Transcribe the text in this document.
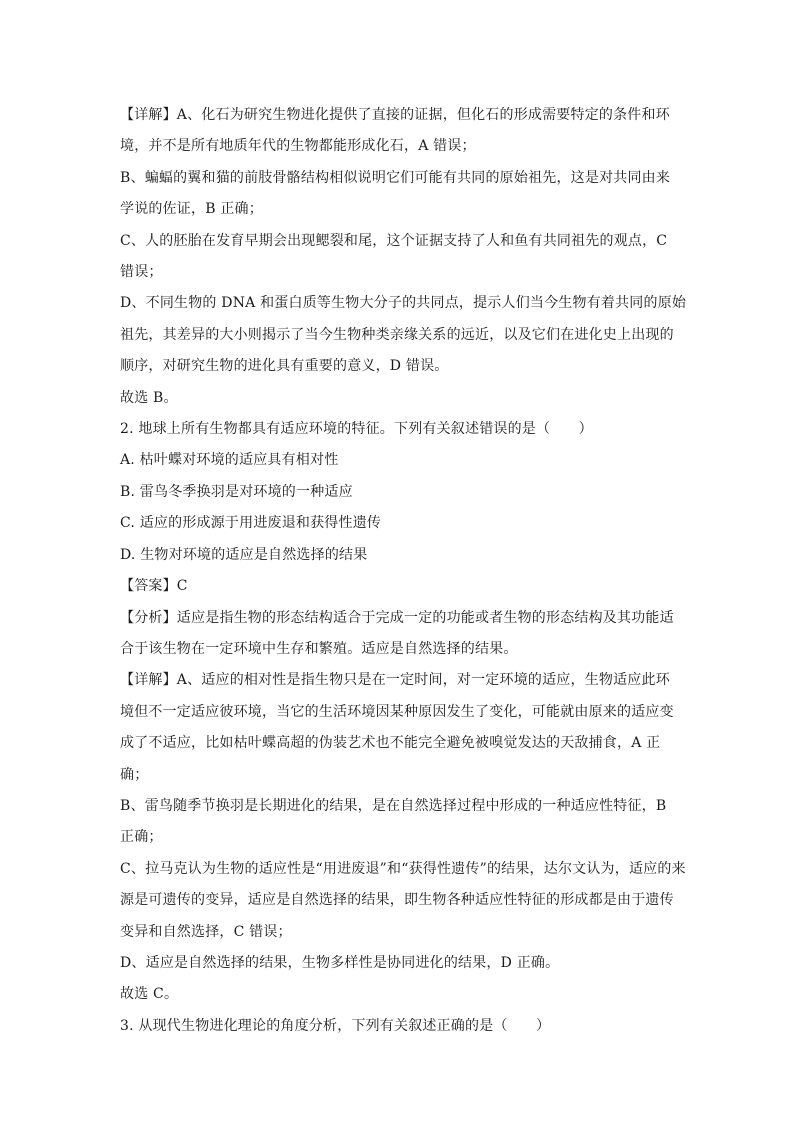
【详解】A、化石为研究生物进化提供了直接的证据，但化石的形成需要特定的条件和环
境，并不是所有地质年代的生物都能形成化石，A 错误；
B、蝙蝠的翼和猫的前肢骨骼结构相似说明它们可能有共同的原始祖先，这是对共同由来
学说的佐证，B 正确；
C、人的胚胎在发育早期会出现鳃裂和尾，这个证据支持了人和鱼有共同祖先的观点，C
错误；
D、不同生物的 DNA 和蛋白质等生物大分子的共同点，提示人们当今生物有着共同的原始
祖先，其差异的大小则揭示了当今生物种类亲缘关系的远近，以及它们在进化史上出现的
顺序，对研究生物的进化具有重要的意义，D 错误。
故选 B。
2. 地球上所有生物都具有适应环境的特征。下列有关叙述错误的是（　　）
A. 枯叶蝶对环境的适应具有相对性
B. 雷鸟冬季换羽是对环境的一种适应
C. 适应的形成源于用进废退和获得性遗传
D. 生物对环境的适应是自然选择的结果
【答案】C
【分析】适应是指生物的形态结构适合于完成一定的功能或者生物的形态结构及其功能适
合于该生物在一定环境中生存和繁殖。适应是自然选择的结果。
【详解】A、适应的相对性是指生物只是在一定时间，对一定环境的适应，生物适应此环
境但不一定适应彼环境，当它的生活环境因某种原因发生了变化，可能就由原来的适应变
成了不适应，比如枯叶蝶高超的伪装艺术也不能完全避免被嗅觉发达的天敌捕食，A 正
确；
B、雷鸟随季节换羽是长期进化的结果，是在自然选择过程中形成的一种适应性特征，B
正确；
C、拉马克认为生物的适应性是“用进废退”和“获得性遗传”的结果，达尔文认为，适应的来
源是可遗传的变异，适应是自然选择的结果，即生物各种适应性特征的形成都是由于遗传
变异和自然选择，C 错误；
D、适应是自然选择的结果，生物多样性是协同进化的结果，D 正确。
故选 C。
3. 从现代生物进化理论的角度分析，下列有关叙述正确的是（　　）
